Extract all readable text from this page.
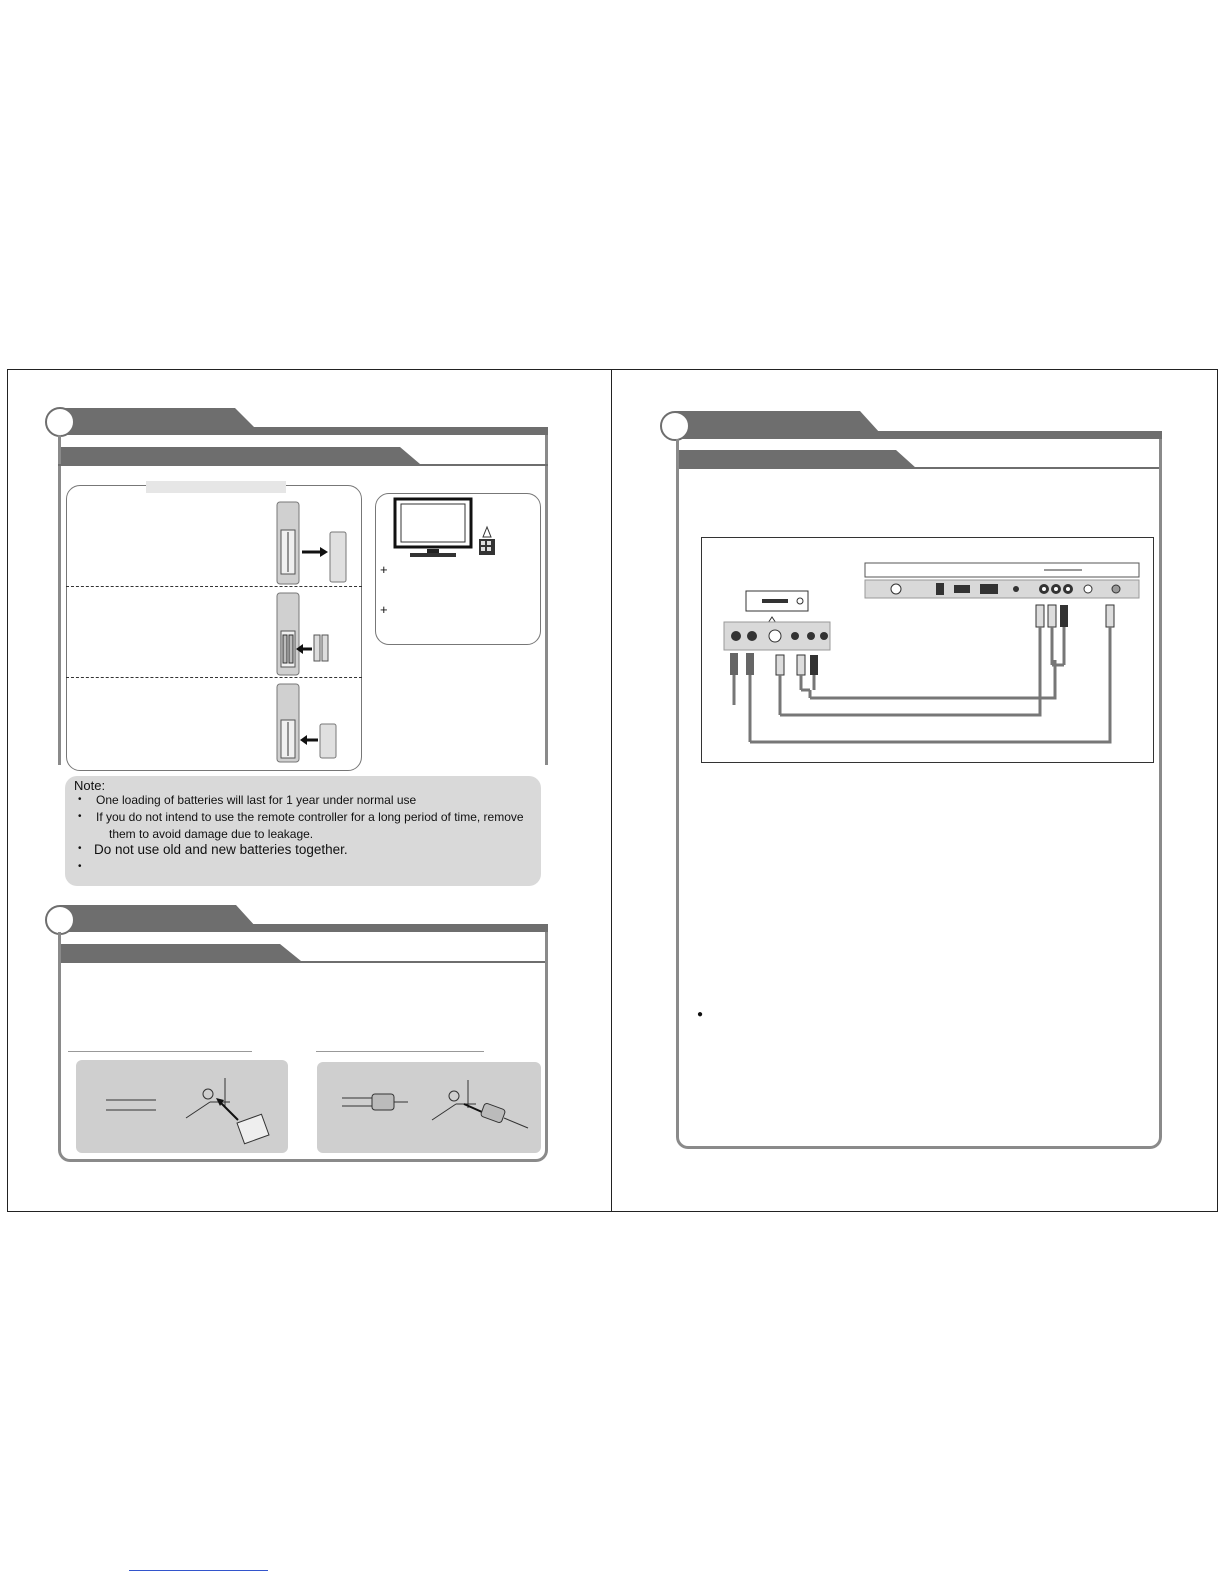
+
+
Note:
• One loading of batteries will last for 1 year under normal use
• If you do not intend to use the remote controller for a long period of time, remove
them to avoid damage due to leakage.
• Do not use old and new batteries together.
•
●
